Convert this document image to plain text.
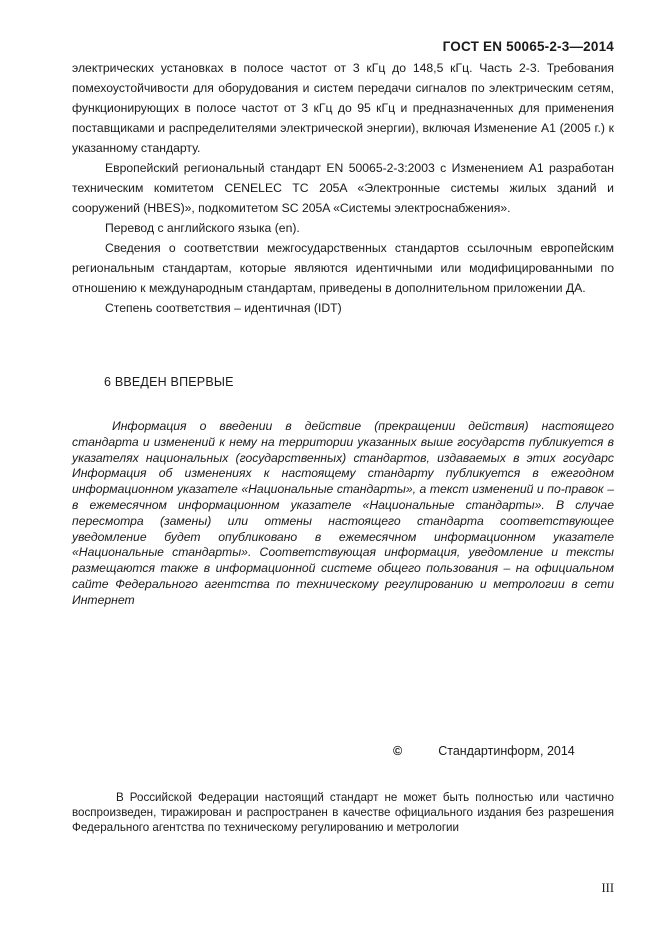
ГОСТ EN 50065-2-3—2014

электрических установках в полосе частот от 3 кГц до 148,5 кГц. Часть 2-3. Требования помехоустойчивости для оборудования и систем передачи сигналов по электрическим сетям, функционирующих в полосе частот от 3 кГц до 95 кГц и предназначенных для применения поставщиками и распределителями электрической энергии), включая Изменение А1 (2005 г.) к указанному стандарту.

Европейский региональный стандарт EN 50065-2-3:2003 с Изменением А1 разработан техническим комитетом CENELEC TC 205A «Электронные системы жилых зданий и сооружений (HBES)», подкомитетом SC 205A «Системы электроснабжения».

Перевод с английского языка (en).

Сведения о соответствии межгосударственных стандартов ссылочным европейским региональным стандартам, которые являются идентичными или модифицированными по отношению к международным стандартам, приведены в дополнительном приложении ДА.

Степень соответствия – идентичная (IDT)

6 ВВЕДЕН ВПЕРВЫЕ
Информация о введении в действие (прекращении действия) настоящего стандарта и изменений к нему на территории указанных выше государств публикуется в указателях национальных (государственных) стандартов, издаваемых в этих государс Информация об изменениях к настоящему стандарту публикуется в ежегодном информационном указателе «Национальные стандарты», а текст изменений и по-правок – в ежемесячном информационном указателе «Национальные стандарты». В случае пересмотра (замены) или отмены настоящего стандарта соответствующее уведомление будет опубликовано в ежемесячном информационном указателе «Национальные стандарты». Соответствующая информация, уведомление и тексты размещаются также в информационной системе общего пользования – на официальном сайте Федерального агентства по техническому регулированию и метрологии в сети Интернет
©	Стандартинформ, 2014
В Российской Федерации настоящий стандарт не может быть полностью или частично воспроизведен, тиражирован и распространен в качестве официального издания без разрешения Федерального агентства по техническому регулированию и метрологии
III
